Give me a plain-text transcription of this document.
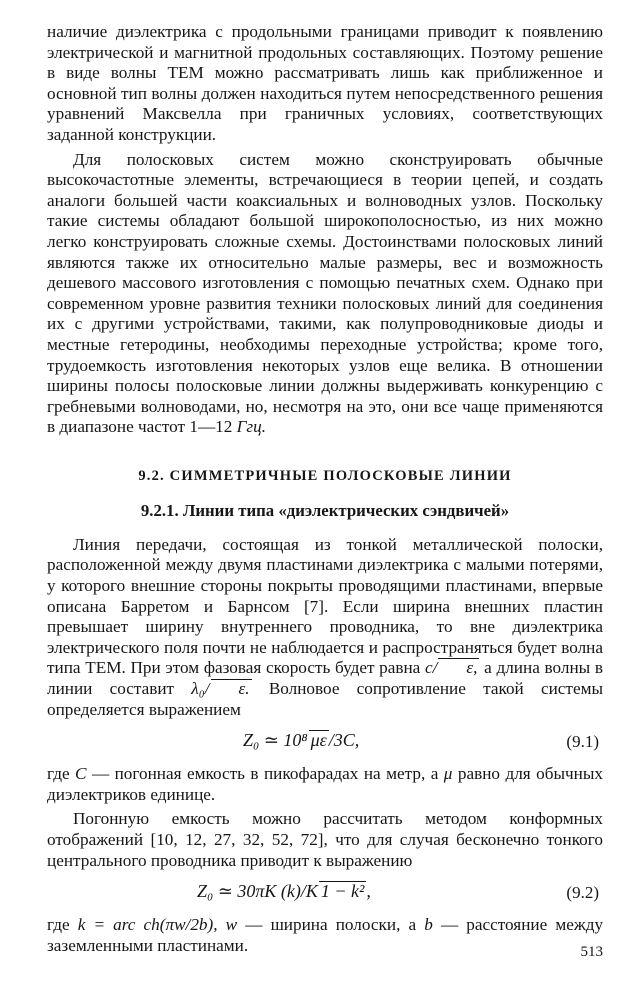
наличие диэлектрика с продольными границами приводит к появлению электрической и магнитной продольных составляющих. Поэтому решение в виде волны TEM можно рассматривать лишь как приближенное и основной тип волны должен находиться путем непосредственного решения уравнений Максвелла при граничных условиях, соответствующих заданной конструкции.

Для полосковых систем можно сконструировать обычные высокочастотные элементы, встречающиеся в теории цепей, и создать аналоги большей части коаксиальных и волноводных узлов. Поскольку такие системы обладают большой широкополосностью, из них можно легко конструировать сложные схемы. Достоинствами полосковых линий являются также их относительно малые размеры, вес и возможность дешевого массового изготовления с помощью печатных схем. Однако при современном уровне развития техники полосковых линий для соединения их с другими устройствами, такими, как полупроводниковые диоды и местные гетеродины, необходимы переходные устройства; кроме того, трудоемкость изготовления некоторых узлов еще велика. В отношении ширины полосы полосковые линии должны выдерживать конкуренцию с гребневыми волноводами, но, несмотря на это, они все чаще применяются в диапазоне частот 1—12 Ггц.

9.2. СИММЕТРИЧНЫЕ ПОЛОСКОВЫЕ ЛИНИИ
9.2.1. Линии типа «диэлектрических сэндвичей»

Линия передачи, состоящая из тонкой металлической полоски, расположенной между двумя пластинами диэлектрика с малыми потерями, у которого внешние стороны покрыты проводящими пластинами, впервые описана Барретом и Барнсом [7]. Если ширина внешних пластин превышает ширину внутреннего проводника, то вне диэлектрика электрического поля почти не наблюдается и распространяться будет волна типа TEM. При этом фазовая скорость будет равна c/ ε, а длина волны в линии составит λ₀/ ε. Волновое сопротивление такой системы определяется выражением

Z₀ ≃ 10⁸ με /3C,	(9.1)

где C — погонная емкость в пикофарадах на метр, а μ равно для обычных диэлектриков единице.

Погонную емкость можно рассчитать методом конформных отображений [10, 12, 27, 32, 52, 72], что для случая бесконечно тонкого центрального проводника приводит к выражению

Z₀ ≃ 30πK (k)/K 1 − k² ,	(9.2)

где k = arc ch(πw/2b), w — ширина полоски, а b — расстояние между заземленными пластинами.	513
